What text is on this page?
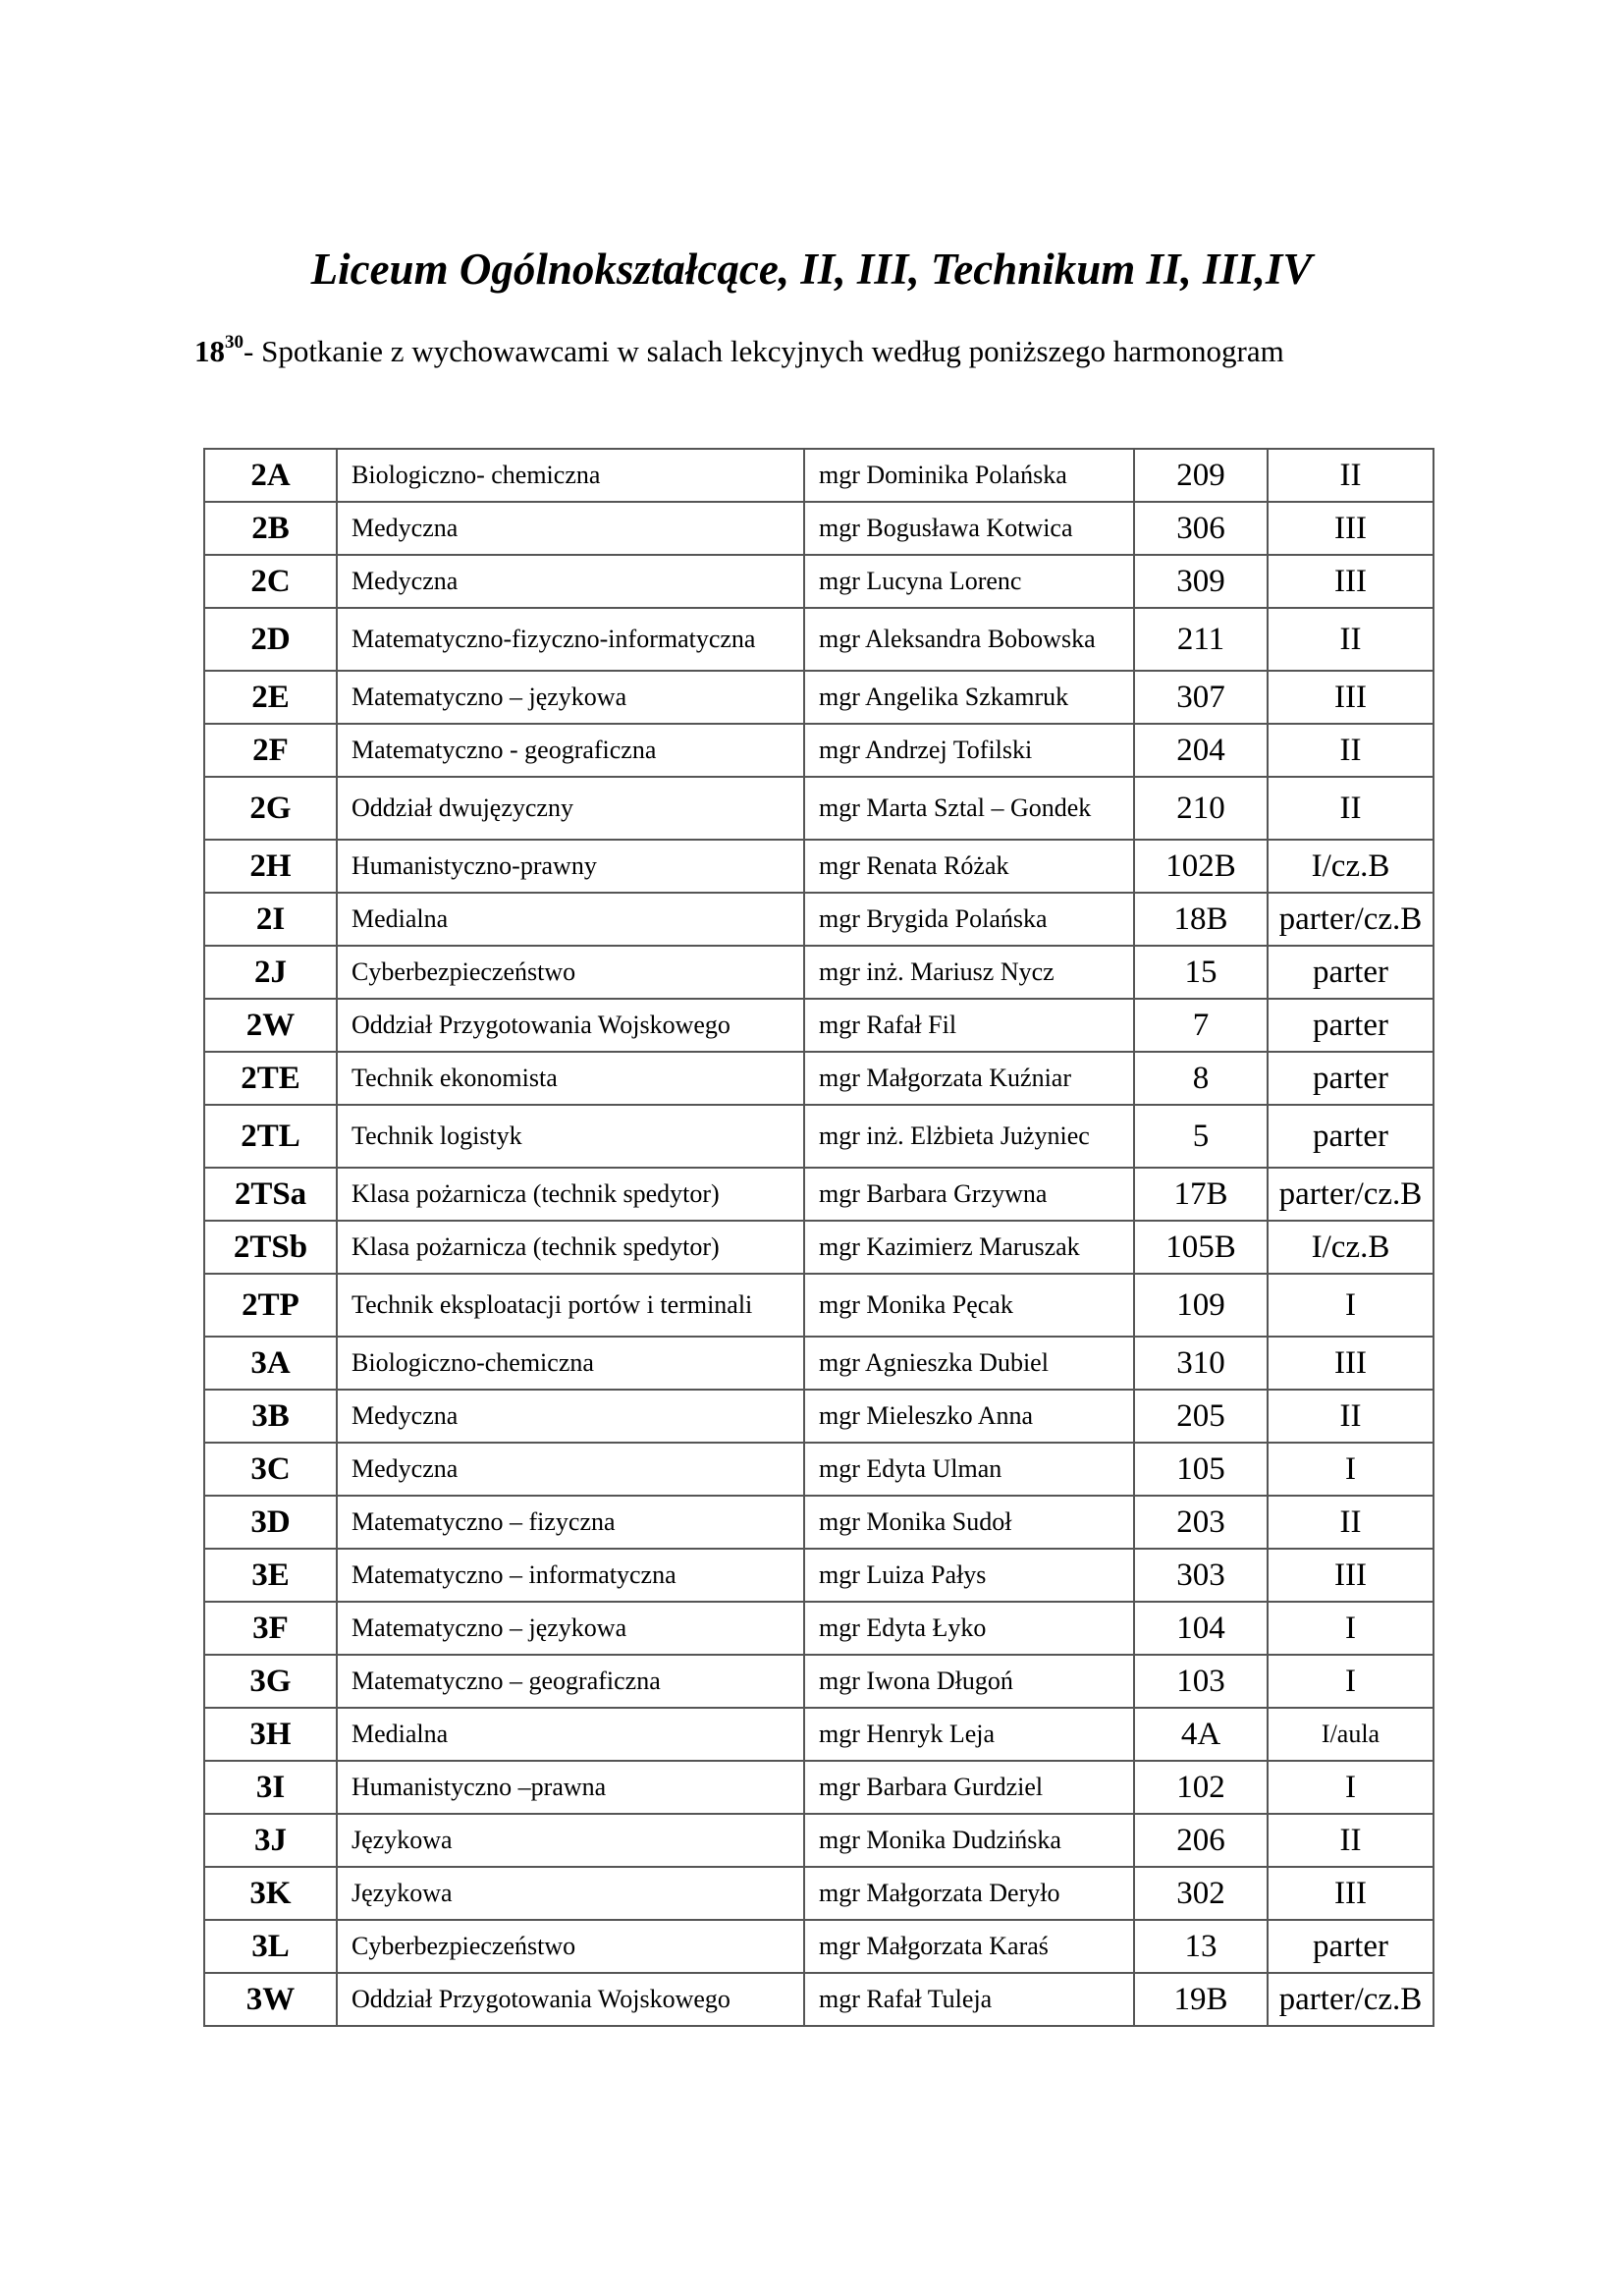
Liceum Ogólnokształcące, II, III, Technikum II, III,IV
$18^{30}-$ Spotkanie z wychowawcami w salach lekcyjnych według poniższego harmonogram
2A	Biologiczno- chemiczna	mgr Dominika Polańska	209	II
2B	Medyczna	mgr Bogusława Kotwica	306	III
2C	Medyczna	mgr Lucyna Lorenc	309	III
2D	Matematyczno-fizyczno-informatyczna	mgr Aleksandra Bobowska	211	II
2E	Matematyczno – językowa	mgr Angelika Szkamruk	307	III
2F	Matematyczno - geograficzna	mgr Andrzej Tofilski	204	II
2G	Oddział dwujęzyczny	mgr Marta Sztal – Gondek	210	II
2H	Humanistyczno-prawny	mgr Renata Różak	102B	I/cz.B
2I	Medialna	mgr Brygida Polańska	18B	parter/cz.B
2J	Cyberbezpieczeństwo	mgr inż. Mariusz Nycz	15	parter
2W	Oddział Przygotowania Wojskowego	mgr Rafał Fil	7	parter
2TE	Technik ekonomista	mgr Małgorzata Kuźniar	8	parter
2TL	Technik logistyk	mgr inż. Elżbieta Jużyniec	5	parter
2TSa	Klasa pożarnicza (technik spedytor)	mgr Barbara Grzywna	17B	parter/cz.B
2TSb	Klasa pożarnicza (technik spedytor)	mgr Kazimierz Maruszak	105B	I/cz.B
2TP	Technik eksploatacji portów i terminali	mgr Monika Pęcak	109	I
3A	Biologiczno-chemiczna	mgr Agnieszka Dubiel	310	III
3B	Medyczna	mgr Mieleszko Anna	205	II
3C	Medyczna	mgr Edyta Ulman	105	I
3D	Matematyczno – fizyczna	mgr Monika Sudoł	203	II
3E	Matematyczno – informatyczna	mgr Luiza Pałys	303	III
3F	Matematyczno – językowa	mgr Edyta Łyko	104	I
3G	Matematyczno – geograficzna	mgr Iwona Długoń	103	I
3H	Medialna	mgr Henryk Leja	4A	I/aula
3I	Humanistyczno –prawna	mgr Barbara Gurdziel	102	I
3J	Językowa	mgr Monika Dudzińska	206	II
3K	Językowa	mgr Małgorzata Deryło	302	III
3L	Cyberbezpieczeństwo	mgr Małgorzata Karaś	13	parter
3W	Oddział Przygotowania Wojskowego	mgr Rafał Tuleja	19B	parter/cz.B
